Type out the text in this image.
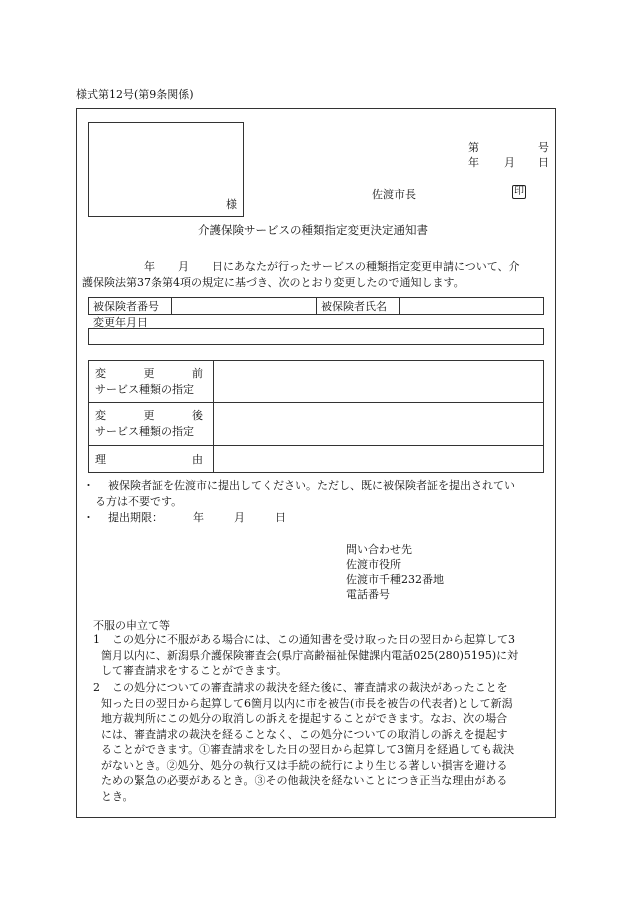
様式第12号(第9条関係)
様
第	号
年 月 日
佐渡市長	印
介護保険サービスの種類指定変更決定通知書
年	月	日にあなたが行ったサービスの種類指定変更申請について、介
護保険法第37条第4項の規定に基づき、次のとおり変更したので通知します。
被保険者番号		被保険者氏名	
変更年月日
変 更 前
サービス種類の指定	

変 更 後
サービス種類の指定	

理 由	

・ 被保険者証を佐渡市に提出してください。ただし、既に被保険者証を提出されてい
る方は不要です。
・ 提出期限：	年	月	日
問い合わせ先
佐渡市役所
佐渡市千種232番地
電話番号
不服の申立て等
1 この処分に不服がある場合には、この通知書を受け取った日の翌日から起算して3
箇月以内に、新潟県介護保険審査会(県庁高齢福祉保健課内電話025(280)5195)に対
して審査請求をすることができます。
2 この処分についての審査請求の裁決を経た後に、審査請求の裁決があったことを
知った日の翌日から起算して6箇月以内に市を被告(市長を被告の代表者)として新潟
地方裁判所にこの処分の取消しの訴えを提起することができます。なお、次の場合
には、審査請求の裁決を経ることなく、この処分についての取消しの訴えを提起す
ることができます。①審査請求をした日の翌日から起算して3箇月を経過しても裁決
がないとき。②処分、処分の執行又は手続の続行により生じる著しい損害を避ける
ための緊急の必要があるとき。③その他裁決を経ないことにつき正当な理由がある
とき。
